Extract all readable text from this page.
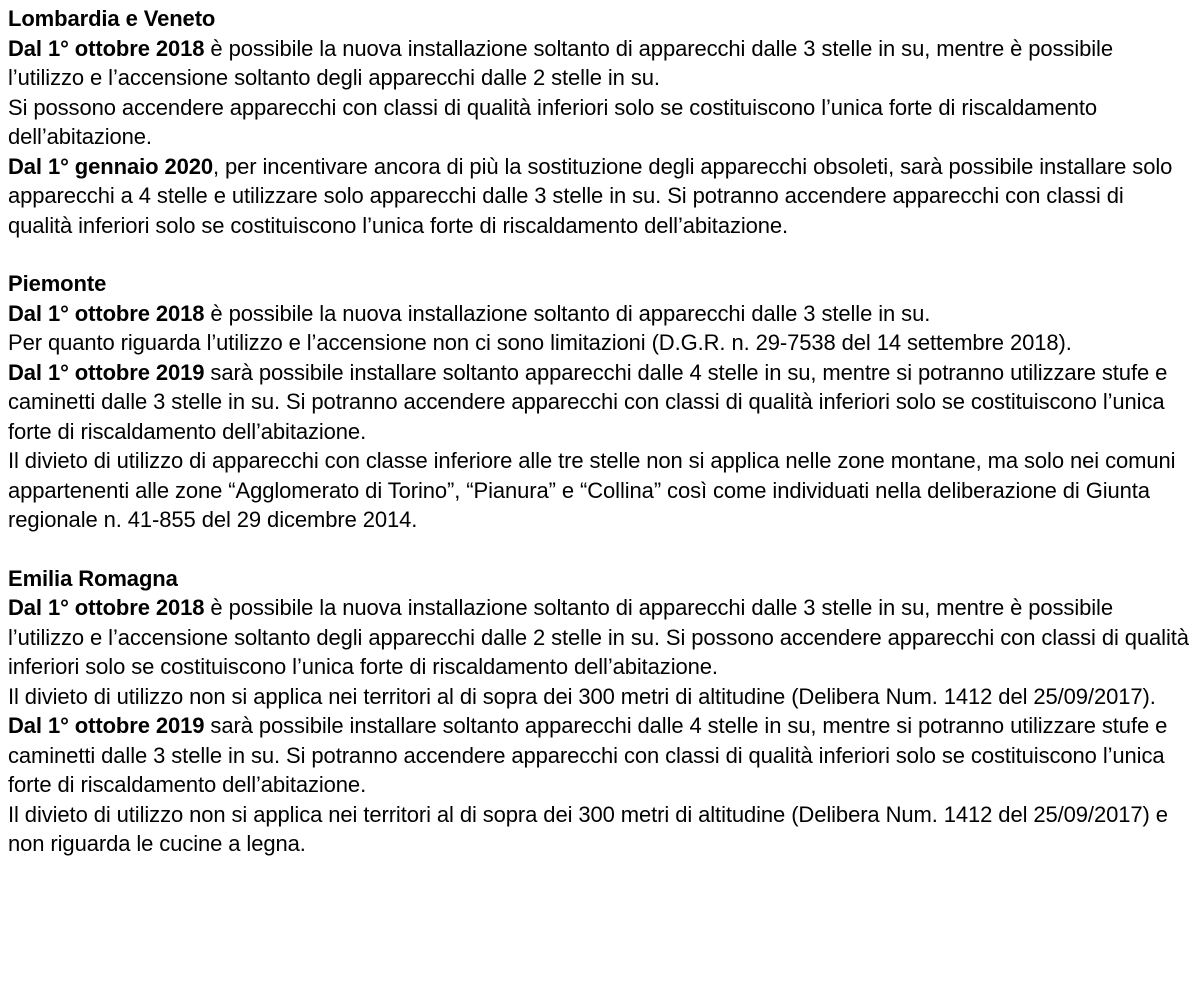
Lombardia e Veneto

Dal 1° ottobre 2018 è possibile la nuova installazione soltanto di apparecchi dalle 3 stelle in su, mentre è possibile l’utilizzo e l’accensione soltanto degli apparecchi dalle 2 stelle in su.

Si possono accendere apparecchi con classi di qualità inferiori solo se costituiscono l’unica forte di riscaldamento dell’abitazione.

Dal 1° gennaio 2020, per incentivare ancora di più la sostituzione degli apparecchi obsoleti, sarà possibile installare solo apparecchi a 4 stelle e utilizzare solo apparecchi dalle 3 stelle in su. Si potranno accendere apparecchi con classi di qualità inferiori solo se costituiscono l’unica forte di riscaldamento dell’abitazione.

Piemonte

Dal 1° ottobre 2018 è possibile la nuova installazione soltanto di apparecchi dalle 3 stelle in su.

Per quanto riguarda l’utilizzo e l’accensione non ci sono limitazioni (D.G.R. n. 29-7538 del 14 settembre 2018).

Dal 1° ottobre 2019 sarà possibile installare soltanto apparecchi dalle 4 stelle in su, mentre si potranno utilizzare stufe e caminetti dalle 3 stelle in su. Si potranno accendere apparecchi con classi di qualità inferiori solo se costituiscono l’unica forte di riscaldamento dell’abitazione.

Il divieto di utilizzo di apparecchi con classe inferiore alle tre stelle non si applica nelle zone montane, ma solo nei comuni appartenenti alle zone “Agglomerato di Torino”, “Pianura” e “Collina” così come individuati nella deliberazione di Giunta regionale n. 41-855 del 29 dicembre 2014.

Emilia Romagna

Dal 1° ottobre 2018 è possibile la nuova installazione soltanto di apparecchi dalle 3 stelle in su, mentre è possibile l’utilizzo e l’accensione soltanto degli apparecchi dalle 2 stelle in su. Si possono accendere apparecchi con classi di qualità inferiori solo se costituiscono l’unica forte di riscaldamento dell’abitazione.

Il divieto di utilizzo non si applica nei territori al di sopra dei 300 metri di altitudine (Delibera Num. 1412 del 25/09/2017).

Dal 1° ottobre 2019 sarà possibile installare soltanto apparecchi dalle 4 stelle in su, mentre si potranno utilizzare stufe e caminetti dalle 3 stelle in su. Si potranno accendere apparecchi con classi di qualità inferiori solo se costituiscono l’unica forte di riscaldamento dell’abitazione.

Il divieto di utilizzo non si applica nei territori al di sopra dei 300 metri di altitudine (Delibera Num. 1412 del 25/09/2017) e non riguarda le cucine a legna.
